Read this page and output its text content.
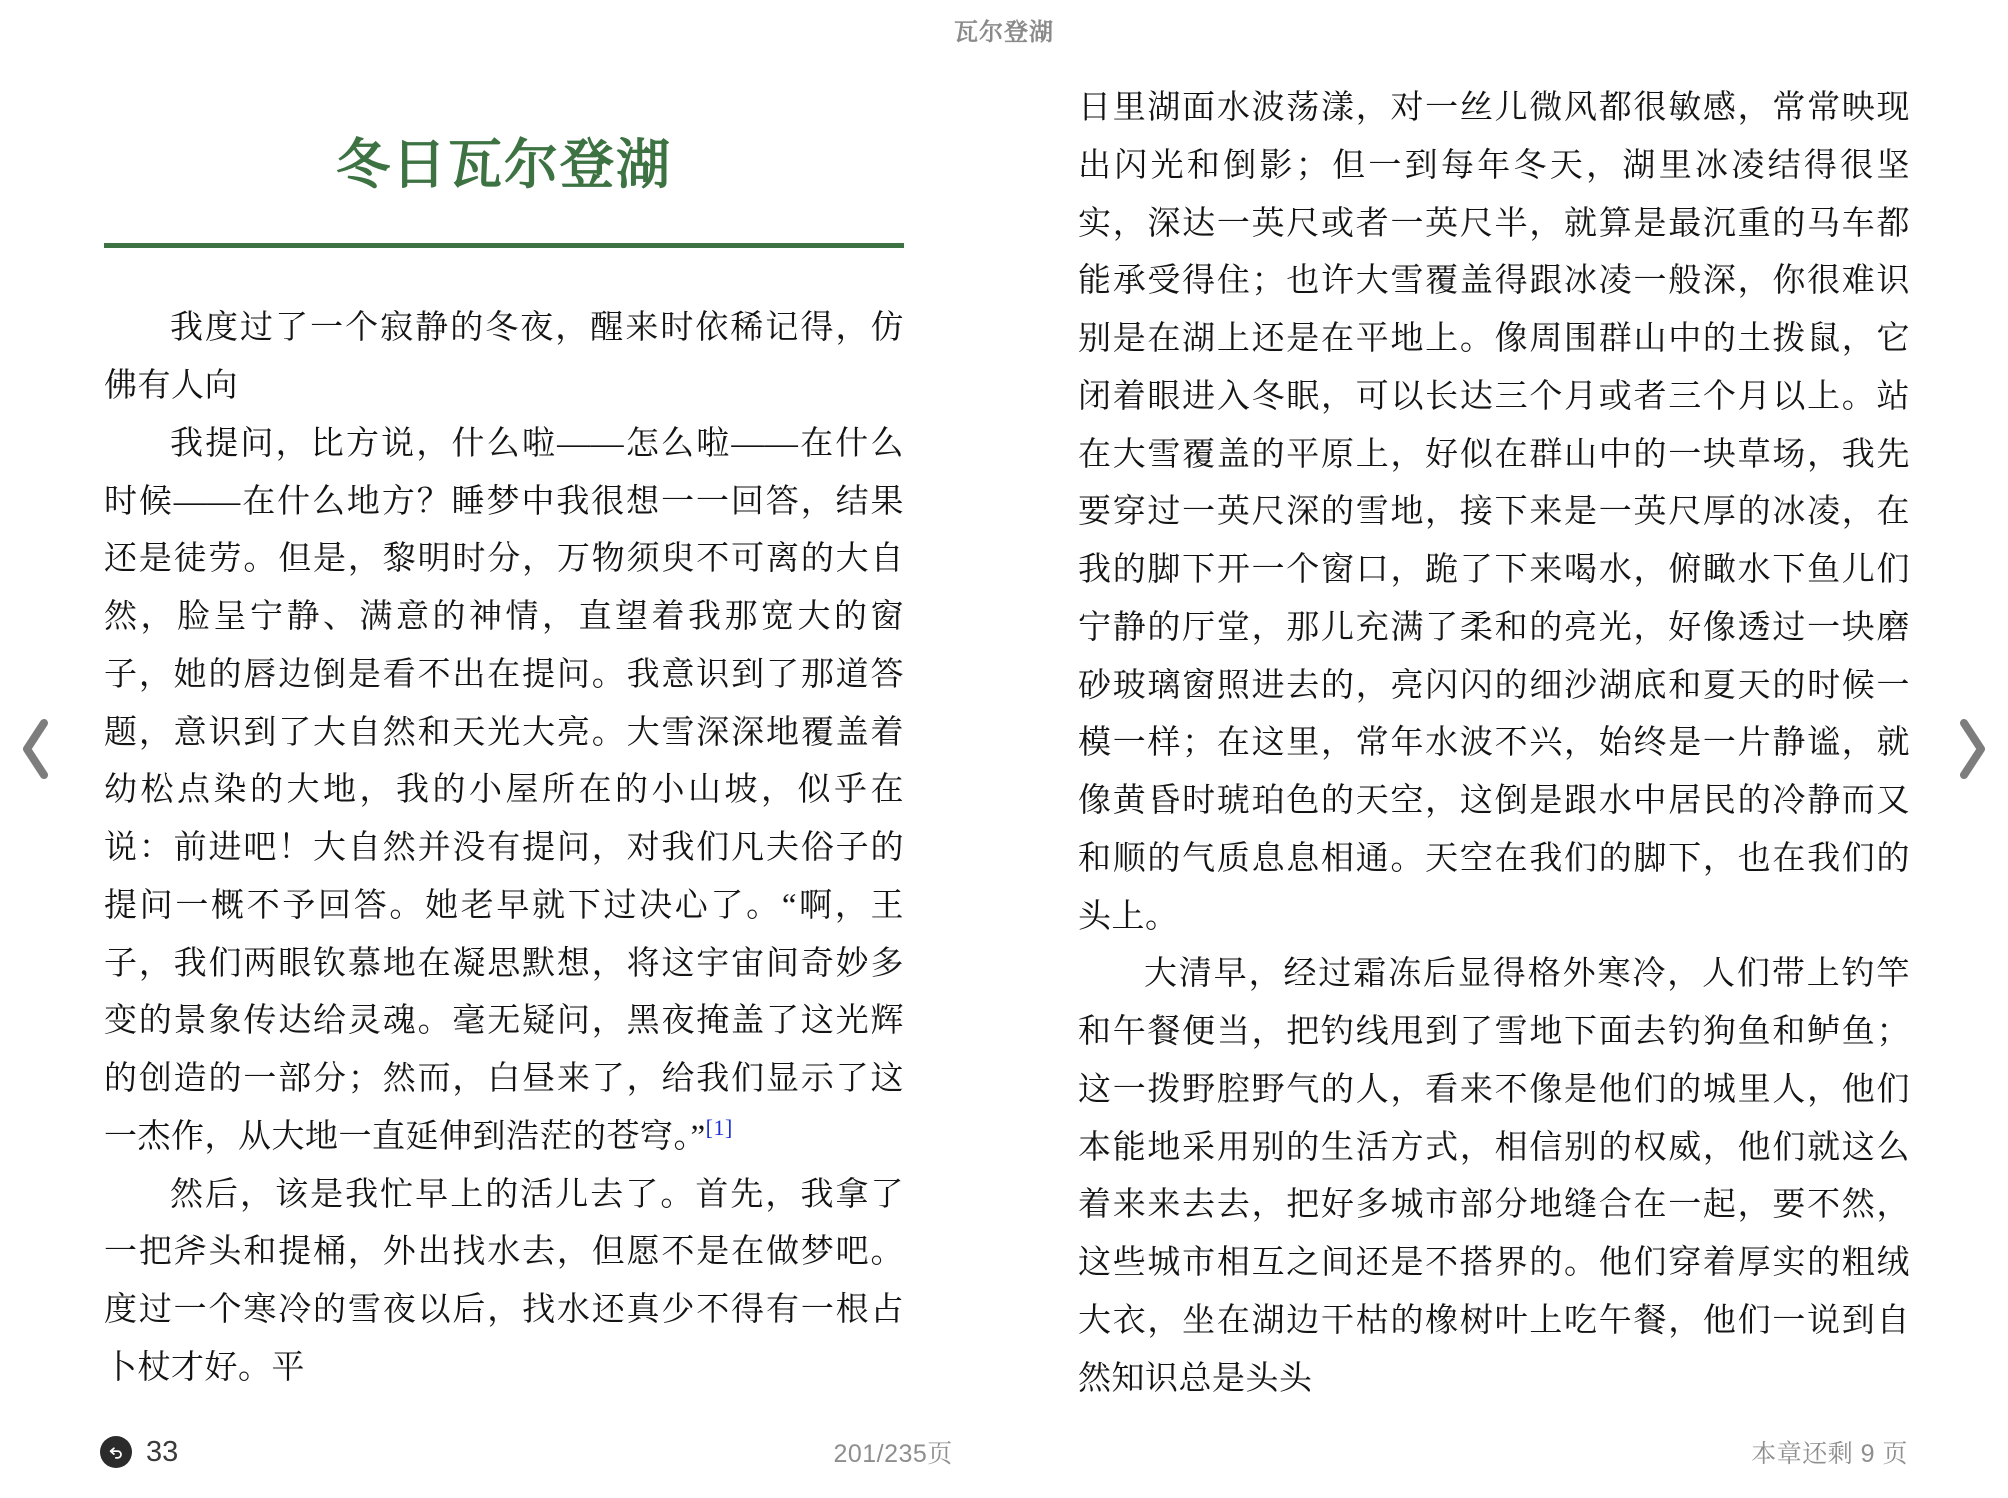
瓦尔登湖
冬日瓦尔登湖

我度过了一个寂静的冬夜，醒来时依稀记得，仿佛有人向

我提问，比方说，什么啦——怎么啦——在什么时候——在什么地方？睡梦中我很想一一回答，结果还是徒劳。但是，黎明时分，万物须臾不可离的大自然，脸呈宁静、满意的神情，直望着我那宽大的窗子，她的唇边倒是看不出在提问。我意识到了那道答题，意识到了大自然和天光大亮。大雪深深地覆盖着幼松点染的大地，我的小屋所在的小山坡，似乎在说：前进吧！大自然并没有提问，对我们凡夫俗子的提问一概不予回答。她老早就下过决心了。“啊，王子，我们两眼钦慕地在凝思默想，将这宇宙间奇妙多变的景象传达给灵魂。毫无疑问，黑夜掩盖了这光辉的创造的一部分；然而，白昼来了，给我们显示了这一杰作，从大地一直延伸到浩茫的苍穹。”[1]

然后，该是我忙早上的活儿去了。首先，我拿了一把斧头和提桶，外出找水去，但愿不是在做梦吧。度过一个寒冷的雪夜以后，找水还真少不得有一根占卜杖才好。平

日里湖面水波荡漾，对一丝儿微风都很敏感，常常映现出闪光和倒影；但一到每年冬天，湖里冰凌结得很坚实，深达一英尺或者一英尺半，就算是最沉重的马车都能承受得住；也许大雪覆盖得跟冰凌一般深，你很难识别是在湖上还是在平地上。像周围群山中的土拨鼠，它闭着眼进入冬眠，可以长达三个月或者三个月以上。站在大雪覆盖的平原上，好似在群山中的一块草场，我先要穿过一英尺深的雪地，接下来是一英尺厚的冰凌，在我的脚下开一个窗口，跪了下来喝水，俯瞰水下鱼儿们宁静的厅堂，那儿充满了柔和的亮光，好像透过一块磨砂玻璃窗照进去的，亮闪闪的细沙湖底和夏天的时候一模一样；在这里，常年水波不兴，始终是一片静谧，就像黄昏时琥珀色的天空，这倒是跟水中居民的冷静而又和顺的气质息息相通。天空在我们的脚下，也在我们的头上。

大清早，经过霜冻后显得格外寒冷，人们带上钓竿和午餐便当，把钓线甩到了雪地下面去钓狗鱼和鲈鱼；这一拨野腔野气的人，看来不像是他们的城里人，他们本能地采用别的生活方式，相信别的权威，他们就这么着来来去去，把好多城市部分地缝合在一起，要不然，这些城市相互之间还是不搭界的。他们穿着厚实的粗绒大衣，坐在湖边干枯的橡树叶上吃午餐，他们一说到自然知识总是头头

33	201/235页	本章还剩 9 页
